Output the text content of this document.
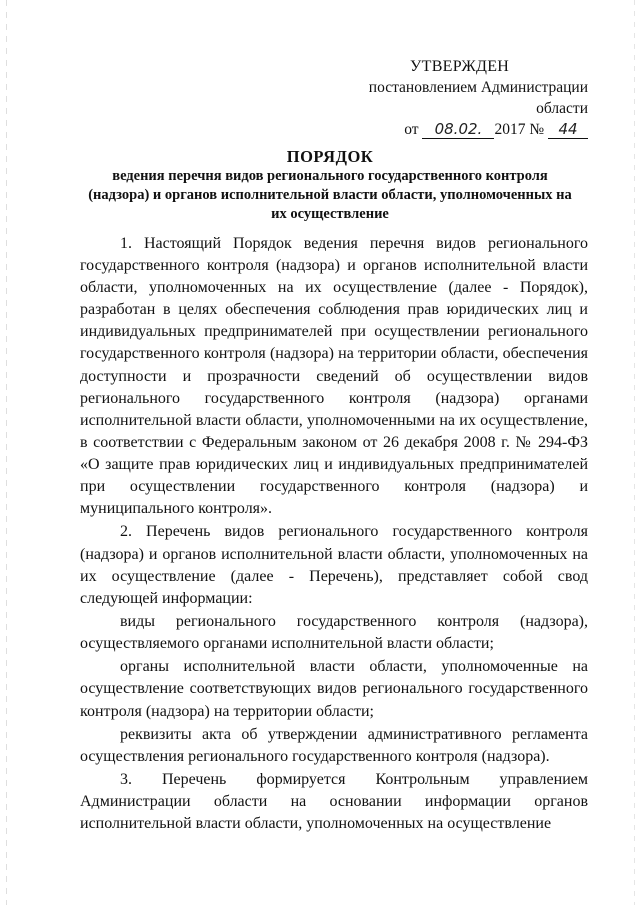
УТВЕРЖДЕН
постановлением Администрации области
от 08.02. 2017 № 44
ПОРЯДОК
ведения перечня видов регионального государственного контроля (надзора) и органов исполнительной власти области, уполномоченных на их осуществление

1. Настоящий Порядок ведения перечня видов регионального государственного контроля (надзора) и органов исполнительной власти области, уполномоченных на их осуществление (далее - Порядок), разработан в целях обеспечения соблюдения прав юридических лиц и индивидуальных предпринимателей при осуществлении регионального государственного контроля (надзора) на территории области, обеспечения доступности и прозрачности сведений об осуществлении видов регионального государственного контроля (надзора) органами исполнительной власти области, уполномоченными на их осуществление, в соответствии с Федеральным законом от 26 декабря 2008 г. № 294-ФЗ «О защите прав юридических лиц и индивидуальных предпринимателей при осуществлении государственного контроля (надзора) и муниципального контроля».

2. Перечень видов регионального государственного контроля (надзора) и органов исполнительной власти области, уполномоченных на их осуществление (далее - Перечень), представляет собой свод следующей информации:

виды регионального государственного контроля (надзора), осуществляемого органами исполнительной власти области;

органы исполнительной власти области, уполномоченные на осуществление соответствующих видов регионального государственного контроля (надзора) на территории области;

реквизиты акта об утверждении административного регламента осуществления регионального государственного контроля (надзора).

3. Перечень формируется Контрольным управлением Администрации области на основании информации органов исполнительной власти области, уполномоченных на осуществление
